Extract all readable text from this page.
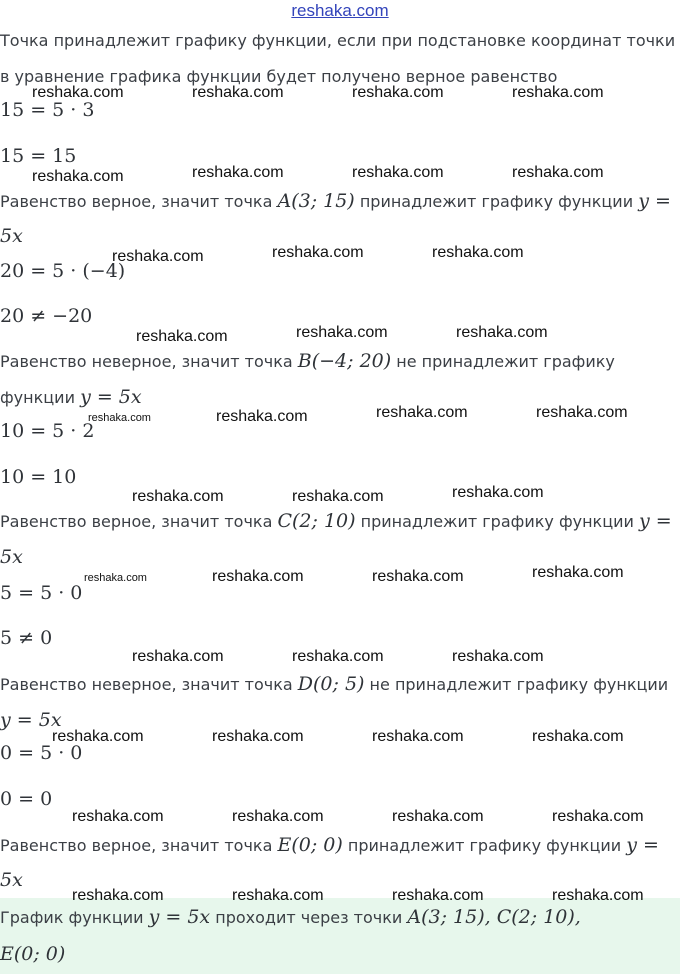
reshaka.com
Точка принадлежит графику функции, если при подстановке координат точки
в уравнение графика функции будет получено верное равенство
15 = 5 · 3
15 = 15
Равенство верное, значит точка A(3; 15) принадлежит графику функции y =
5x
20 = 5 · (−4)
20 ≠ −20
Равенство неверное, значит точка B(−4; 20) не принадлежит графику
функции y = 5x
10 = 5 · 2
10 = 10
Равенство верное, значит точка C(2; 10) принадлежит графику функции y =
5x
5 = 5 · 0
5 ≠ 0
Равенство неверное, значит точка D(0; 5) не принадлежит графику функции
y = 5x
0 = 5 · 0
0 = 0
Равенство верное, значит точка E(0; 0) принадлежит графику функции y =
5x
График функции y = 5x проходит через точки A(3; 15), C(2; 10),
E(0; 0)
reshaka.com	reshaka.com	reshaka.com	reshaka.com
reshaka.com	reshaka.com	reshaka.com	reshaka.com
reshaka.com	reshaka.com	reshaka.com
reshaka.com	reshaka.com	reshaka.com
reshaka.com	reshaka.com	reshaka.com	reshaka.com
reshaka.com	reshaka.com	reshaka.com
reshaka.com	reshaka.com	reshaka.com	reshaka.com
reshaka.com	reshaka.com	reshaka.com
reshaka.com	reshaka.com	reshaka.com	reshaka.com
reshaka.com	reshaka.com	reshaka.com	reshaka.com
reshaka.com	reshaka.com	reshaka.com	reshaka.com
